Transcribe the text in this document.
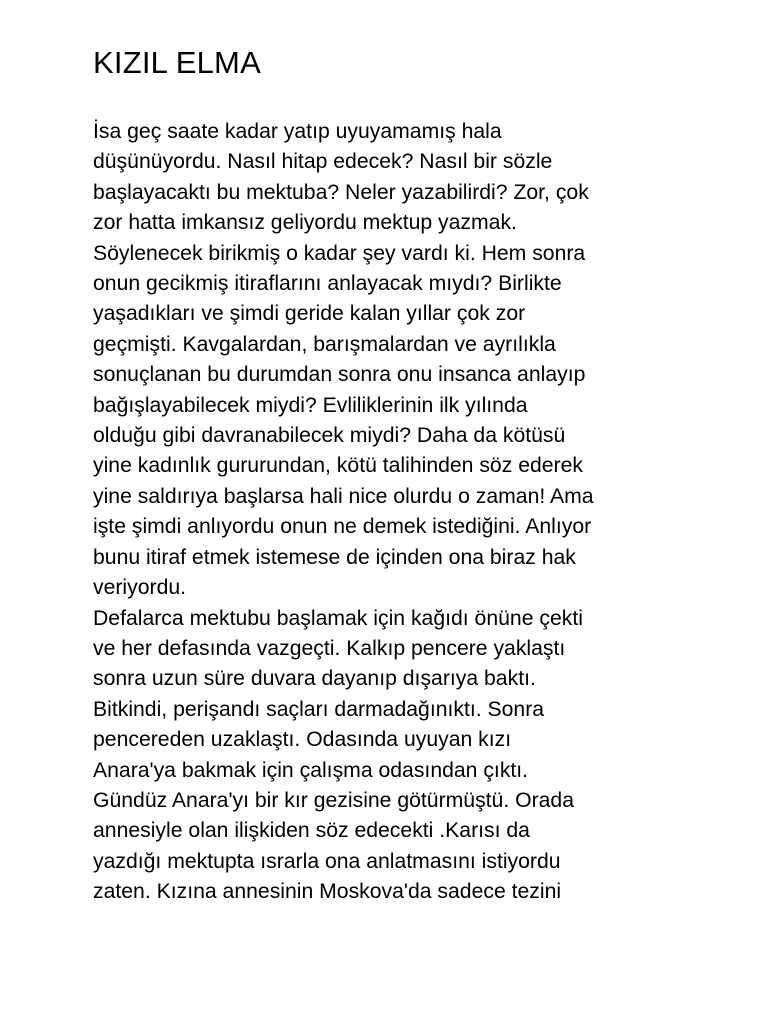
KIZIL ELMA
İsa geç saate kadar yatıp uyuyamamış hala
düşünüyordu. Nasıl hitap edecek? Nasıl bir sözle
başlayacaktı bu mektuba? Neler yazabilirdi? Zor, çok
zor hatta imkansız geliyordu mektup yazmak.
Söylenecek birikmiş o kadar şey vardı ki. Hem sonra
onun gecikmiş itiraflarını anlayacak mıydı? Birlikte
yaşadıkları ve şimdi geride kalan yıllar çok zor
geçmişti. Kavgalardan, barışmalardan ve ayrılıkla
sonuçlanan bu durumdan sonra onu insanca anlayıp
bağışlayabilecek miydi? Evliliklerinin ilk yılında
olduğu gibi davranabilecek miydi? Daha da kötüsü
yine kadınlık gururundan, kötü talihinden söz ederek
yine saldırıya başlarsa hali nice olurdu o zaman! Ama
işte şimdi anlıyordu onun ne demek istediğini. Anlıyor
bunu itiraf etmek istemese de içinden ona biraz hak
veriyordu.
Defalarca mektubu başlamak için kağıdı önüne çekti
ve her defasında vazgeçti. Kalkıp pencere yaklaştı
sonra uzun süre duvara dayanıp dışarıya baktı.
Bitkindi, perişandı saçları darmadağınıktı. Sonra
pencereden uzaklaştı. Odasında uyuyan kızı
Anara'ya bakmak için çalışma odasından çıktı.
Gündüz Anara'yı bir kır gezisine götürmüştü. Orada
annesiyle olan ilişkiden söz edecekti .Karısı da
yazdığı mektupta ısrarla ona anlatmasını istiyordu
zaten. Kızına annesinin Moskova'da sadece tezini
